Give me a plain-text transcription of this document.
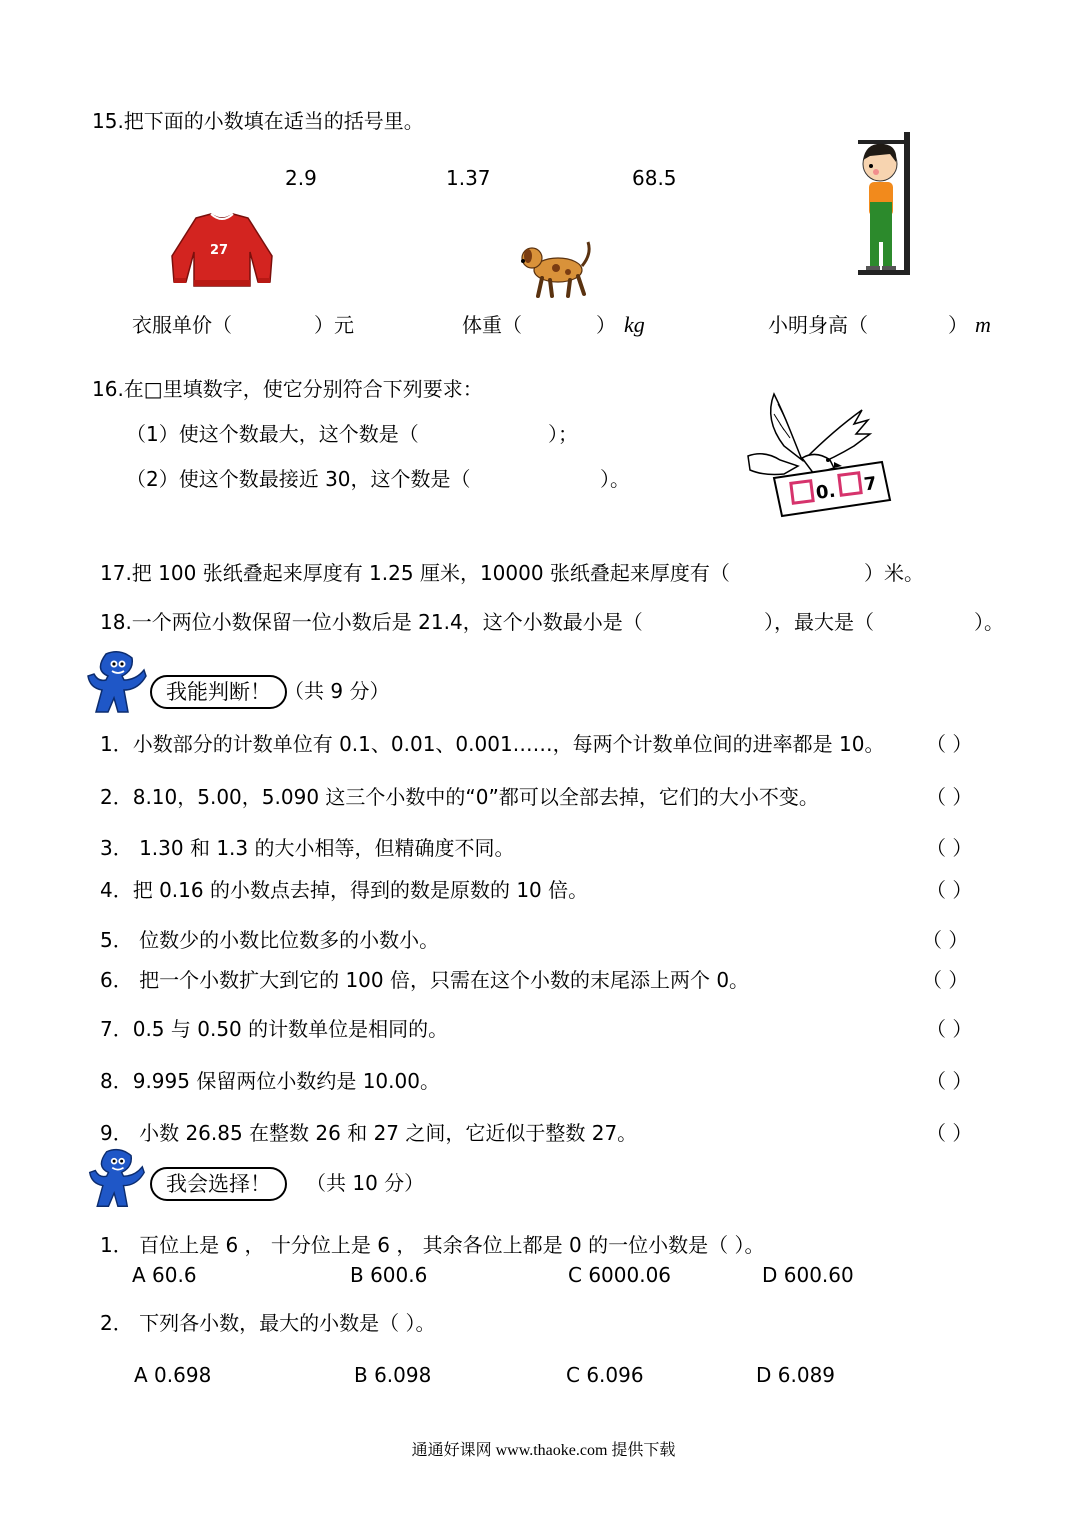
15.把下面的小数填在适当的括号里。
2.9	1.37	68.5
27
衣服单价（	）元	体重（	） kg	小明身高（	） m
16.在□里填数字，使它分别符合下列要求：
（1）使这个数最大，这个数是（	）；
（2）使这个数最接近 30，这个数是（	）。
0. 7
17.把 100 张纸叠起来厚度有 1.25 厘米，10000 张纸叠起来厚度有（	）米。
18.一个两位小数保留一位小数后是 21.4，这个小数最小是（	），最大是（	）。
我能判断！ （共 9 分）
1．小数部分的计数单位有 0.1、0.01、0.001……，每两个计数单位间的进率都是 10。 （ ）
2．8.10，5.00，5.090 这三个小数中的“0”都可以全部去掉，它们的大小不变。	（ ）
3． 1.30 和 1.3 的大小相等，但精确度不同。	（ ）
4．把 0.16 的小数点去掉，得到的数是原数的 10 倍。	（ ）
5． 位数少的小数比位数多的小数小。	（ ）
6． 把一个小数扩大到它的 100 倍，只需在这个小数的末尾添上两个 0。	（ ）
7．0.5 与 0.50 的计数单位是相同的。	（ ）
8．9.995 保留两位小数约是 10.00。	（ ）
9． 小数 26.85 在整数 26 和 27 之间，它近似于整数 27。	（ ）
我会选择！	（共 10 分）
1． 百位上是 6 ， 十分位上是 6 ， 其余各位上都是 0 的一位小数是（ ）。
A 60.6	B 600.6	C 6000.06	D 600.60
2． 下列各小数，最大的小数是（ ）。
A 0.698	B 6.098	C 6.096	D 6.089
通通好课网 www.thaoke.com 提供下载
